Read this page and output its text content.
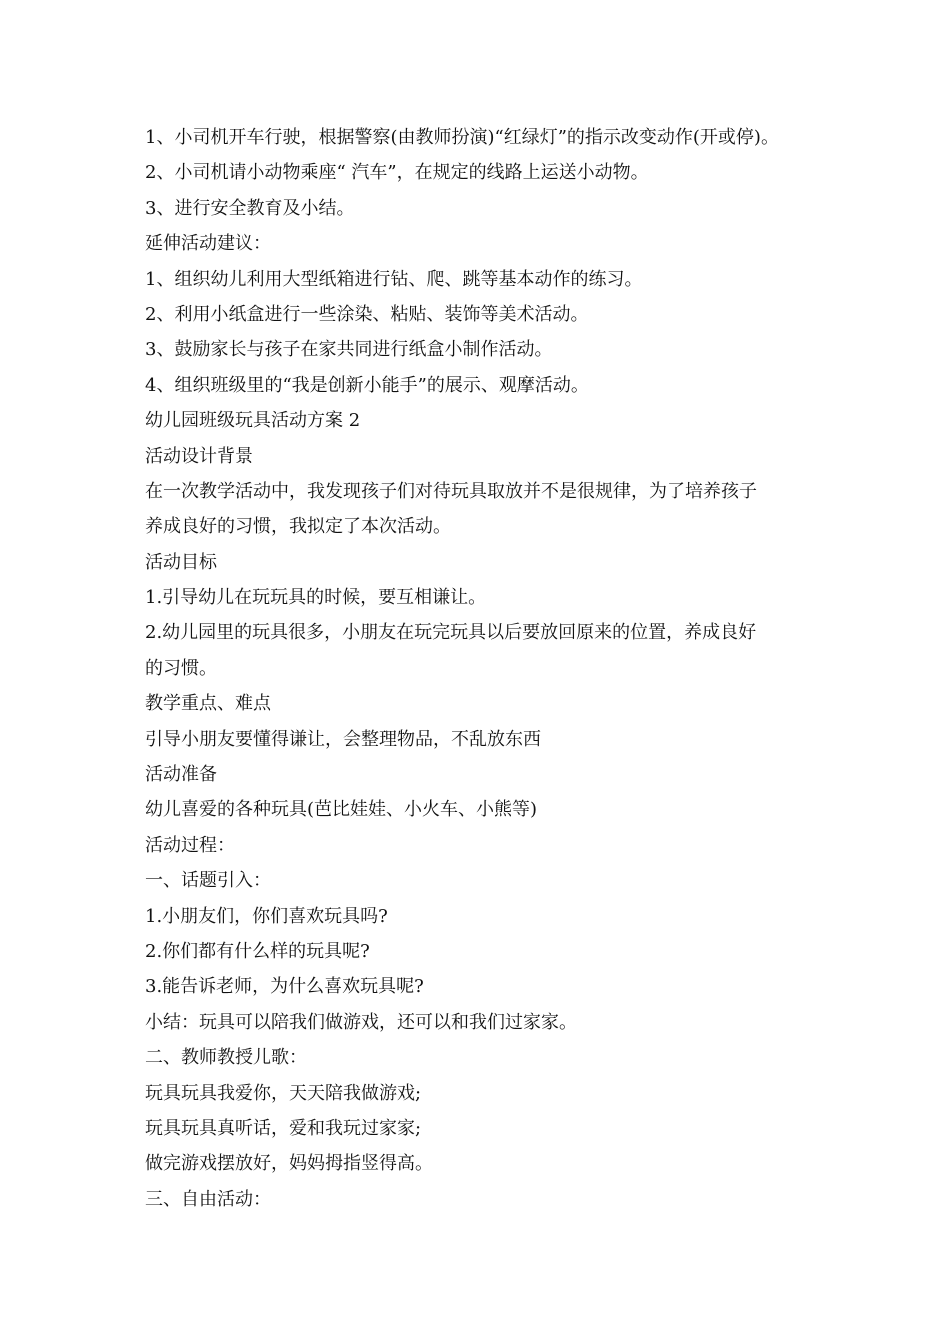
1、小司机开车行驶，根据警察(由教师扮演)“红绿灯”的指示改变动作(开或停)。
2、小司机请小动物乘座“ 汽车”，在规定的线路上运送小动物。
3、进行安全教育及小结。
延伸活动建议：
1、组织幼儿利用大型纸箱进行钻、爬、跳等基本动作的练习。
2、利用小纸盒进行一些涂染、粘贴、装饰等美术活动。
3、鼓励家长与孩子在家共同进行纸盒小制作活动。
4、组织班级里的“我是创新小能手”的展示、观摩活动。
幼儿园班级玩具活动方案 2
活动设计背景
在一次教学活动中，我发现孩子们对待玩具取放并不是很规律，为了培养孩子
养成良好的习惯，我拟定了本次活动。
活动目标
1.引导幼儿在玩玩具的时候，要互相谦让。
2.幼儿园里的玩具很多，小朋友在玩完玩具以后要放回原来的位置，养成良好
的习惯。
教学重点、难点
引导小朋友要懂得谦让，会整理物品，不乱放东西
活动准备
幼儿喜爱的各种玩具(芭比娃娃、小火车、小熊等)
活动过程：
一、话题引入：
1.小朋友们，你们喜欢玩具吗?
2.你们都有什么样的玩具呢?
3.能告诉老师，为什么喜欢玩具呢?
小结：玩具可以陪我们做游戏，还可以和我们过家家。
二、教师教授儿歌：
玩具玩具我爱你，天天陪我做游戏;
玩具玩具真听话，爱和我玩过家家;
做完游戏摆放好，妈妈拇指竖得高。
三、自由活动：
